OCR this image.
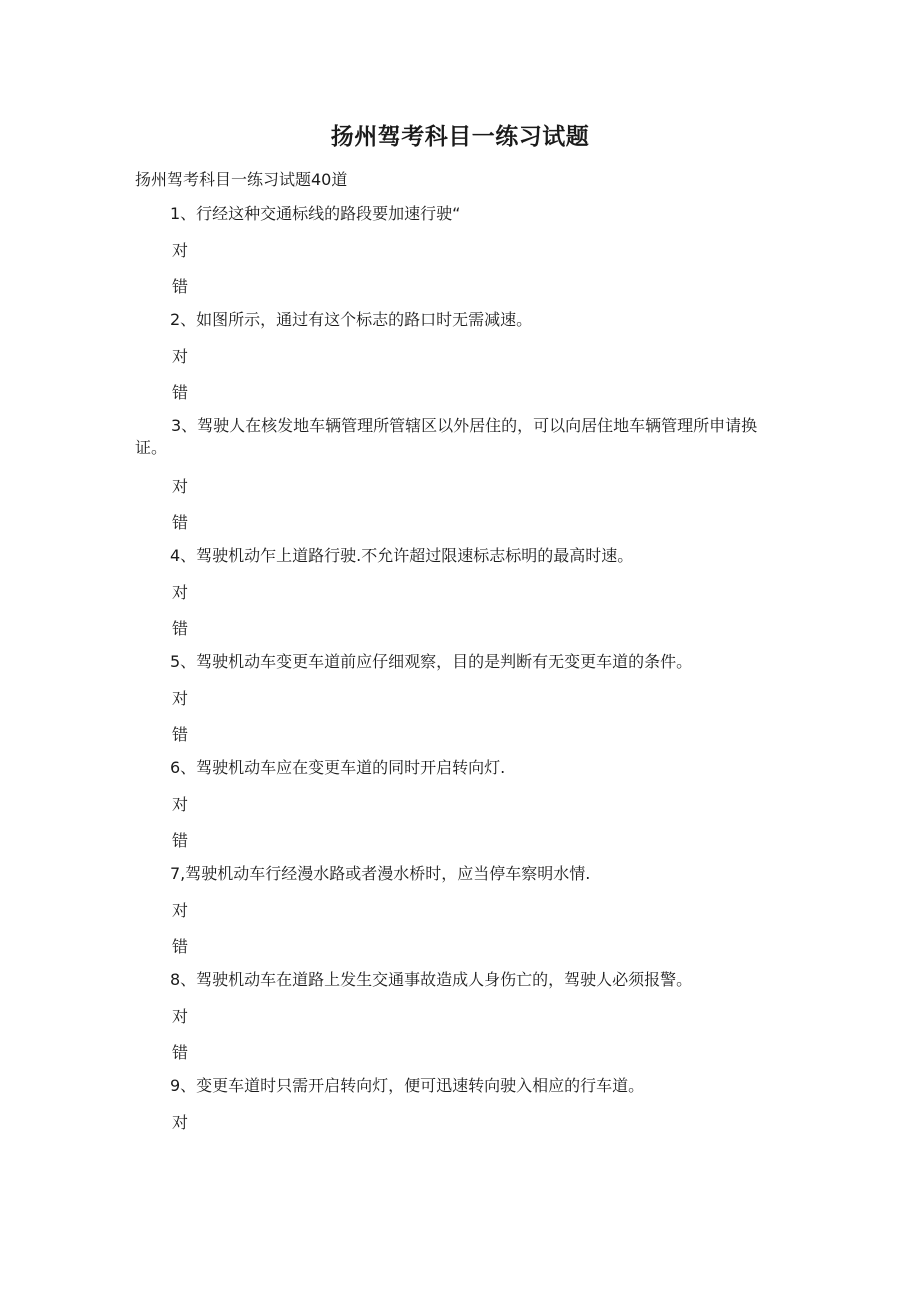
扬州驾考科目一练习试题
扬州驾考科目一练习试题40道

1、行经这种交通标线的路段要加速行驶“

对

错

2、如图所示，通过有这个标志的路口时无需减速。

对

错

3、驾驶人在核发地车辆管理所管辖区以外居住的，可以向居住地车辆管理所申请换证。

对

错

4、驾驶机动乍上道路行驶.不允许超过限速标志标明的最高时速。

对

错

5、驾驶机动车变更车道前应仔细观察，目的是判断有无变更车道的条件。

对

错

6、驾驶机动车应在变更车道的同时开启转向灯.

对

错

7,驾驶机动车行经漫水路或者漫水桥时，应当停车察明水情.

对

错

8、驾驶机动车在道路上发生交通事故造成人身伤亡的，驾驶人必须报警。

对

错

9、变更车道时只需开启转向灯，便可迅速转向驶入相应的行车道。

对
